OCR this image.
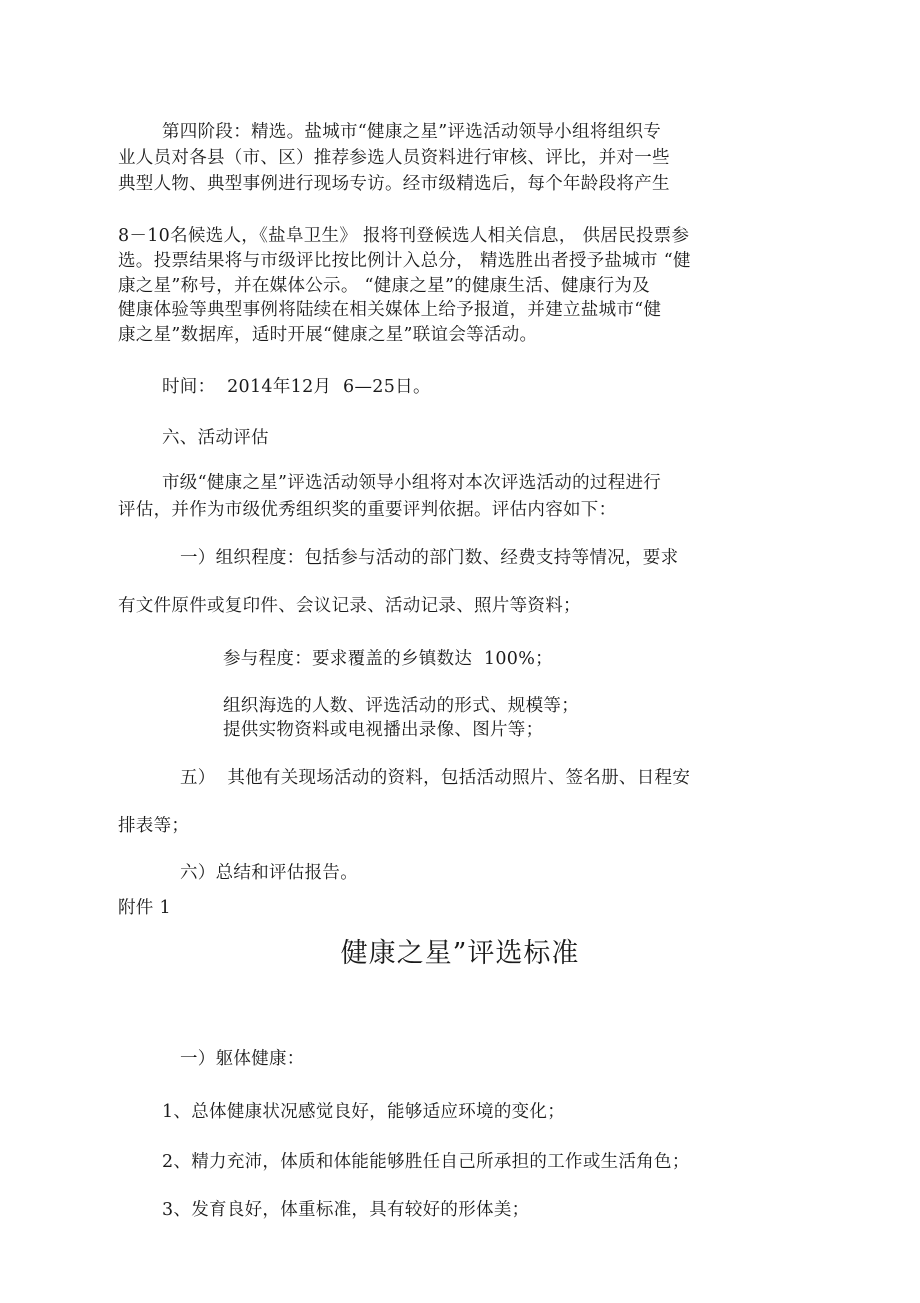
第四阶段：精选。盐城市“健康之星”评选活动领导小组将组织专
业人员对各县（市、区）推荐参选人员资料进行审核、评比，并对一些
典型人物、典型事例进行现场专访。经市级精选后，每个年龄段将产生
8－10名候选人，《盐阜卫生》 报将刊登候选人相关信息， 供居民投票参
选。投票结果将与市级评比按比例计入总分， 精选胜出者授予盐城市 “健
康之星”称号，并在媒体公示。 “健康之星”的健康生活、健康行为及
健康体验等典型事例将陆续在相关媒体上给予报道，并建立盐城市“健
康之星”数据库，适时开展“健康之星”联谊会等活动。
时间：  2014年12月  6—25日。
六、活动评估
市级“健康之星”评选活动领导小组将对本次评选活动的过程进行
评估，并作为市级优秀组织奖的重要评判依据。评估内容如下：
一）组织程度：包括参与活动的部门数、经费支持等情况，要求
有文件原件或复印件、会议记录、活动记录、照片等资料；
参与程度：要求覆盖的乡镇数达  100%；
组织海选的人数、评选活动的形式、规模等；
提供实物资料或电视播出录像、图片等；
五）  其他有关现场活动的资料，包括活动照片、签名册、日程安
排表等；
六）总结和评估报告。
附件 1
健康之星”评选标准
一）躯体健康：
1、总体健康状况感觉良好，能够适应环境的变化；
2、精力充沛，体质和体能能够胜任自己所承担的工作或生活角色；
3、发育良好，体重标准，具有较好的形体美；
